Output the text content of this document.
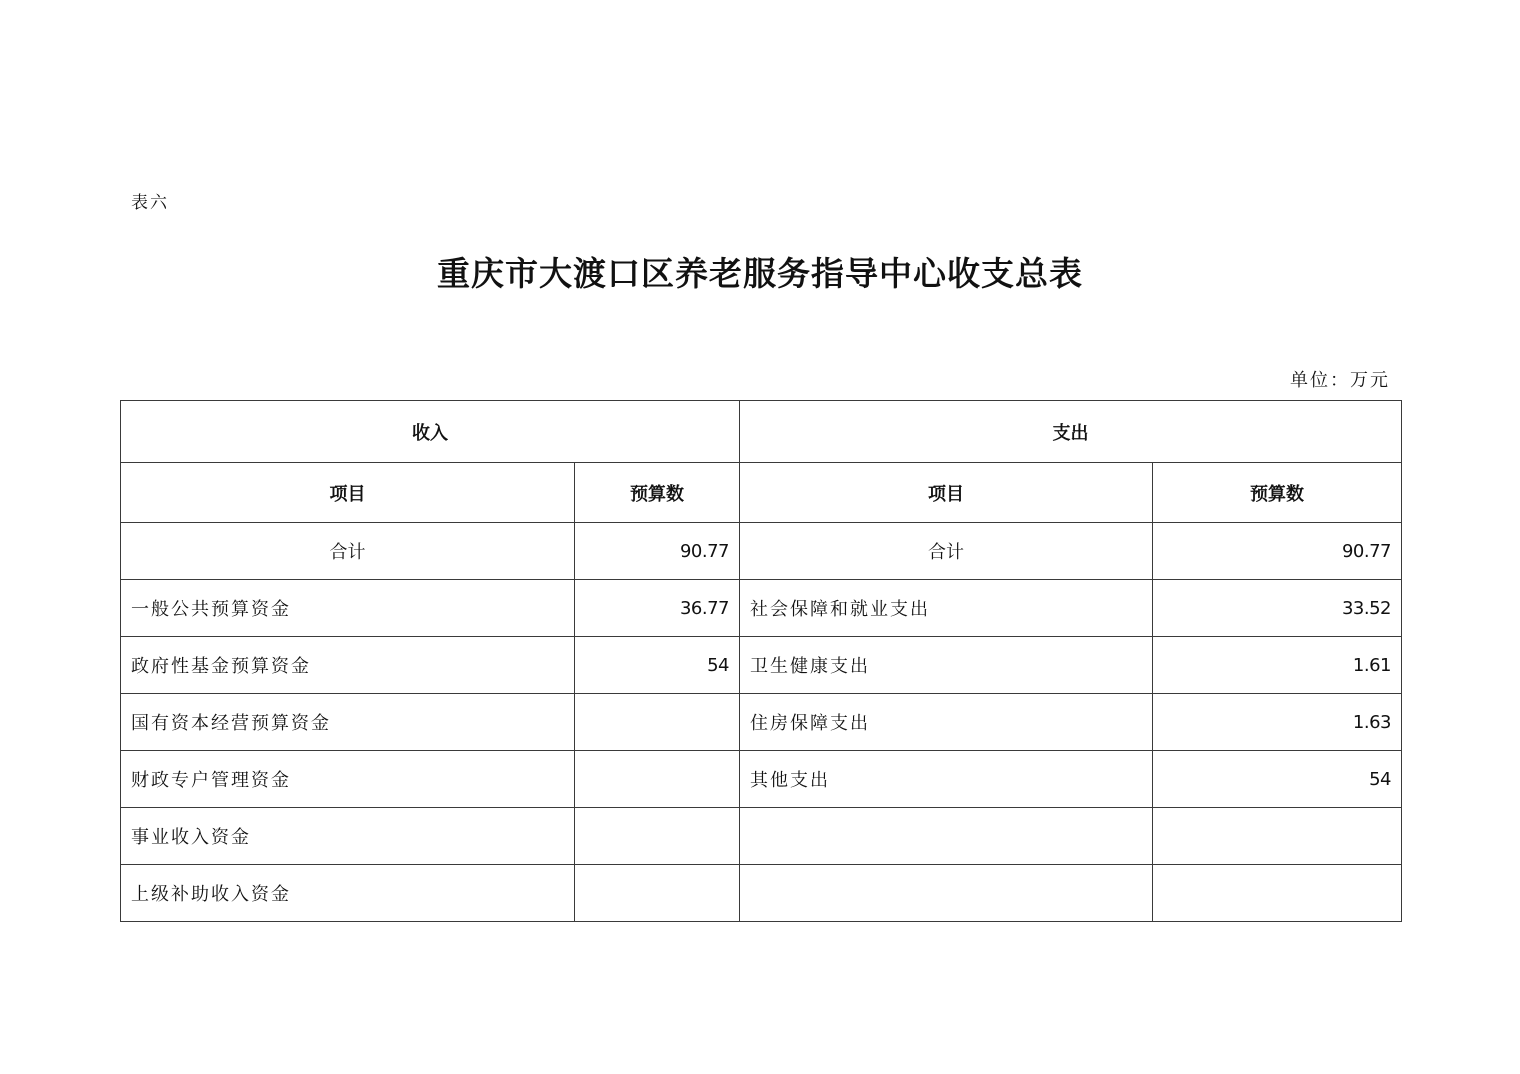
表六
重庆市大渡口区养老服务指导中心收支总表
单位：万元
收入		支出	
项目	预算数	项目	预算数
合计	90.77	合计	90.77
一般公共预算资金	36.77	社会保障和就业支出	33.52
政府性基金预算资金	54	卫生健康支出	1.61
国有资本经营预算资金		住房保障支出	1.63
财政专户管理资金		其他支出	54
事业收入资金			
上级补助收入资金			
